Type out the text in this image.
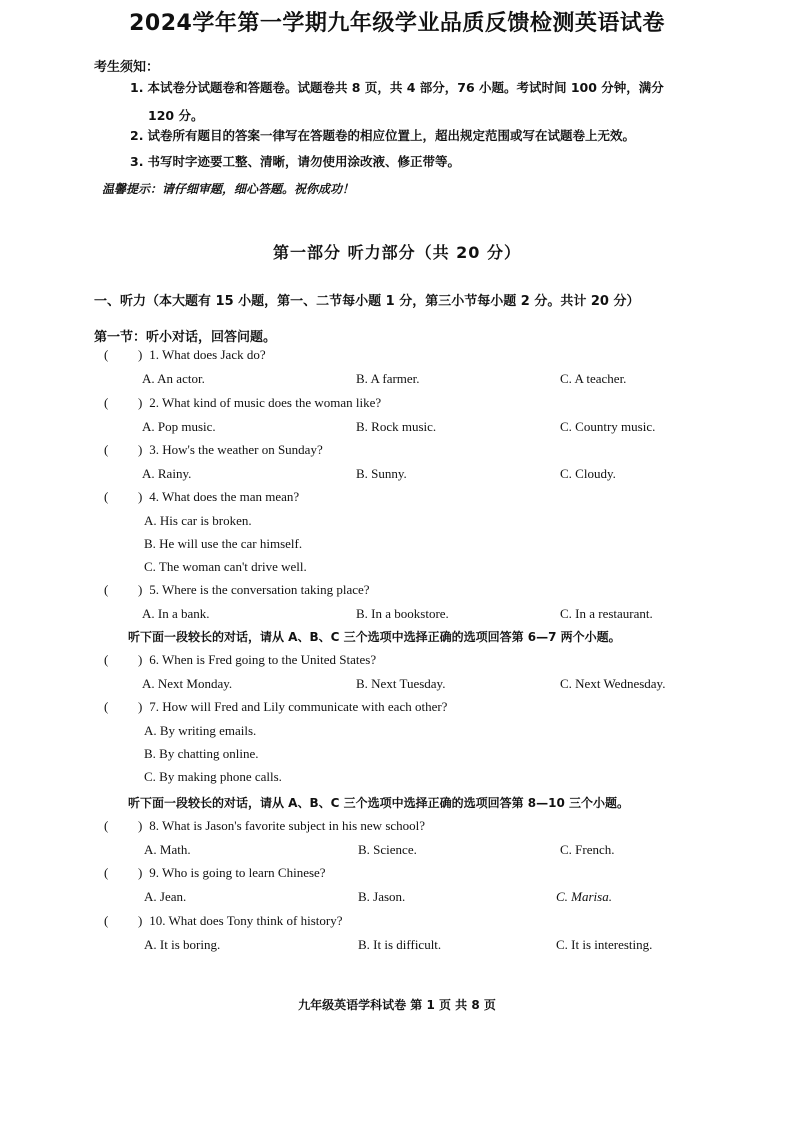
2024学年第一学期九年级学业品质反馈检测英语试卷
考生须知：
1. 本试卷分试题卷和答题卷。试题卷共 8 页，共 4 部分，76 小题。考试时间 100 分钟，满分
120 分。
2. 试卷所有题目的答案一律写在答题卷的相应位置上，超出规定范围或写在试题卷上无效。
3. 书写时字迹要工整、清晰，请勿使用涂改液、修正带等。
温馨提示：请仔细审题，细心答题。祝你成功！
第一部分 听力部分（共 20 分）
一、听力（本大题有 15 小题，第一、二节每小题 1 分，第三小节每小题 2 分。共计 20 分）
第一节：听小对话，回答问题。
( ) 1. What does Jack do?
A. An actor.	B. A farmer.	C. A teacher.
( ) 2. What kind of music does the woman like?
A. Pop music.	B. Rock music.	C. Country music.
( ) 3. How's the weather on Sunday?
A. Rainy.	B. Sunny.	C. Cloudy.
( ) 4. What does the man mean?
A. His car is broken.
B. He will use the car himself.
C. The woman can't drive well.
( ) 5. Where is the conversation taking place?
A. In a bank.	B. In a bookstore.	C. In a restaurant.
听下面一段较长的对话，请从 A、B、C 三个选项中选择正确的选项回答第 6—7 两个小题。
( ) 6. When is Fred going to the United States?
A. Next Monday.	B. Next Tuesday.	C. Next Wednesday.
( ) 7. How will Fred and Lily communicate with each other?
A. By writing emails.
B. By chatting online.
C. By making phone calls.
听下面一段较长的对话，请从 A、B、C 三个选项中选择正确的选项回答第 8—10 三个小题。
( ) 8. What is Jason's favorite subject in his new school?
A. Math.	B. Science.	C. French.
( ) 9. Who is going to learn Chinese?
A. Jean.	B. Jason.	C. Marisa.
( ) 10. What does Tony think of history?
A. It is boring.	B. It is difficult.	C. It is interesting.
九年级英语学科试卷 第 1 页 共 8 页
